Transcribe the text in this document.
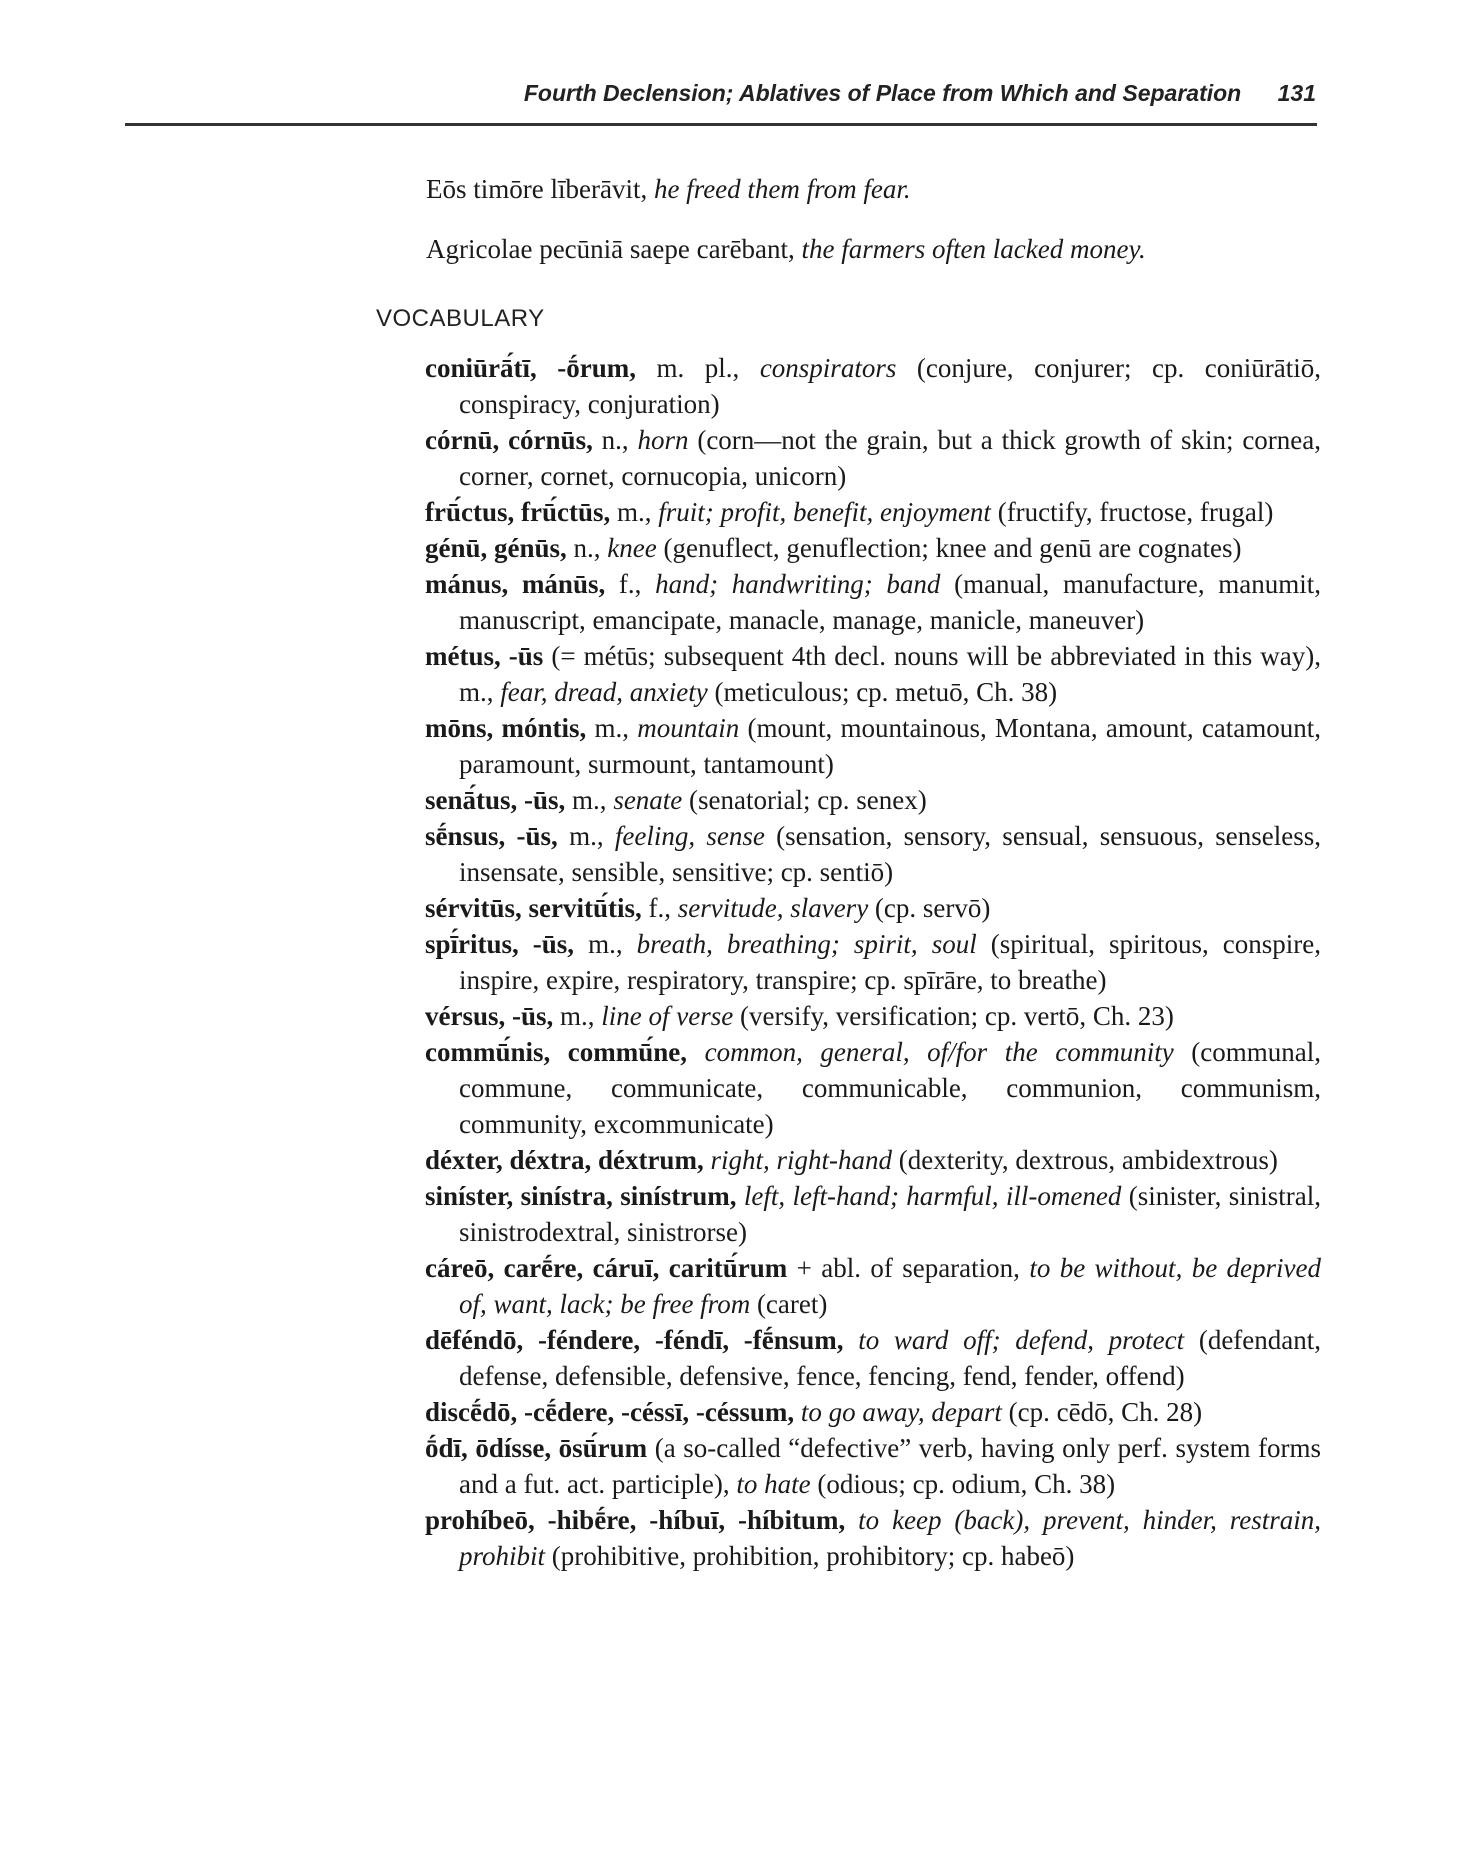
Fourth Declension; Ablatives of Place from Which and Separation 131

Eōs timōre līberāvit, he freed them from fear.

Agricolae pecūniā saepe carēbant, the farmers often lacked money.

VOCABULARY

coniūrā́tī, -ṓrum, m. pl., conspirators (conjure, conjurer; cp. coniūrātiō, conspiracy, conjuration)

córnū, córnūs, n., horn (corn—not the grain, but a thick growth of skin; cornea, corner, cornet, cornucopia, unicorn)

frū́ctus, frū́ctūs, m., fruit; profit, benefit, enjoyment (fructify, fructose, frugal)

génū, génūs, n., knee (genuflect, genuflection; knee and genū are cognates)

mánus, mánūs, f., hand; handwriting; band (manual, manufacture, manumit, manuscript, emancipate, manacle, manage, manicle, maneuver)

métus, -ūs (= métūs; subsequent 4th decl. nouns will be abbreviated in this way), m., fear, dread, anxiety (meticulous; cp. metuō, Ch. 38)

mōns, móntis, m., mountain (mount, mountainous, Montana, amount, catamount, paramount, surmount, tantamount)

senā́tus, -ūs, m., senate (senatorial; cp. senex)

sḗnsus, -ūs, m., feeling, sense (sensation, sensory, sensual, sensuous, senseless, insensate, sensible, sensitive; cp. sentiō)

sérvitūs, servitū́tis, f., servitude, slavery (cp. servō)

spī́ritus, -ūs, m., breath, breathing; spirit, soul (spiritual, spiritous, conspire, inspire, expire, respiratory, transpire; cp. spīrāre, to breathe)

vérsus, -ūs, m., line of verse (versify, versification; cp. vertō, Ch. 23)

commū́nis, commū́ne, common, general, of/for the community (communal, commune, communicate, communicable, communion, communism, community, excommunicate)

déxter, déxtra, déxtrum, right, right-hand (dexterity, dextrous, ambidextrous)

siníster, sinístra, sinístrum, left, left-hand; harmful, ill-omened (sinister, sinistral, sinistrodextral, sinistrorse)

cáreō, carḗre, cáruī, caritū́rum + abl. of separation, to be without, be deprived of, want, lack; be free from (caret)

dēféndō, -féndere, -féndī, -fḗnsum, to ward off; defend, protect (defendant, defense, defensible, defensive, fence, fencing, fend, fender, offend)

discḗdō, -cḗdere, -céssī, -céssum, to go away, depart (cp. cēdō, Ch. 28)

ṓdī, ōdísse, ōsū́rum (a so-called “defective” verb, having only perf. system forms and a fut. act. participle), to hate (odious; cp. odium, Ch. 38)

prohíbeō, -hibḗre, -híbuī, -híbitum, to keep (back), prevent, hinder, restrain, prohibit (prohibitive, prohibition, prohibitory; cp. habeō)
